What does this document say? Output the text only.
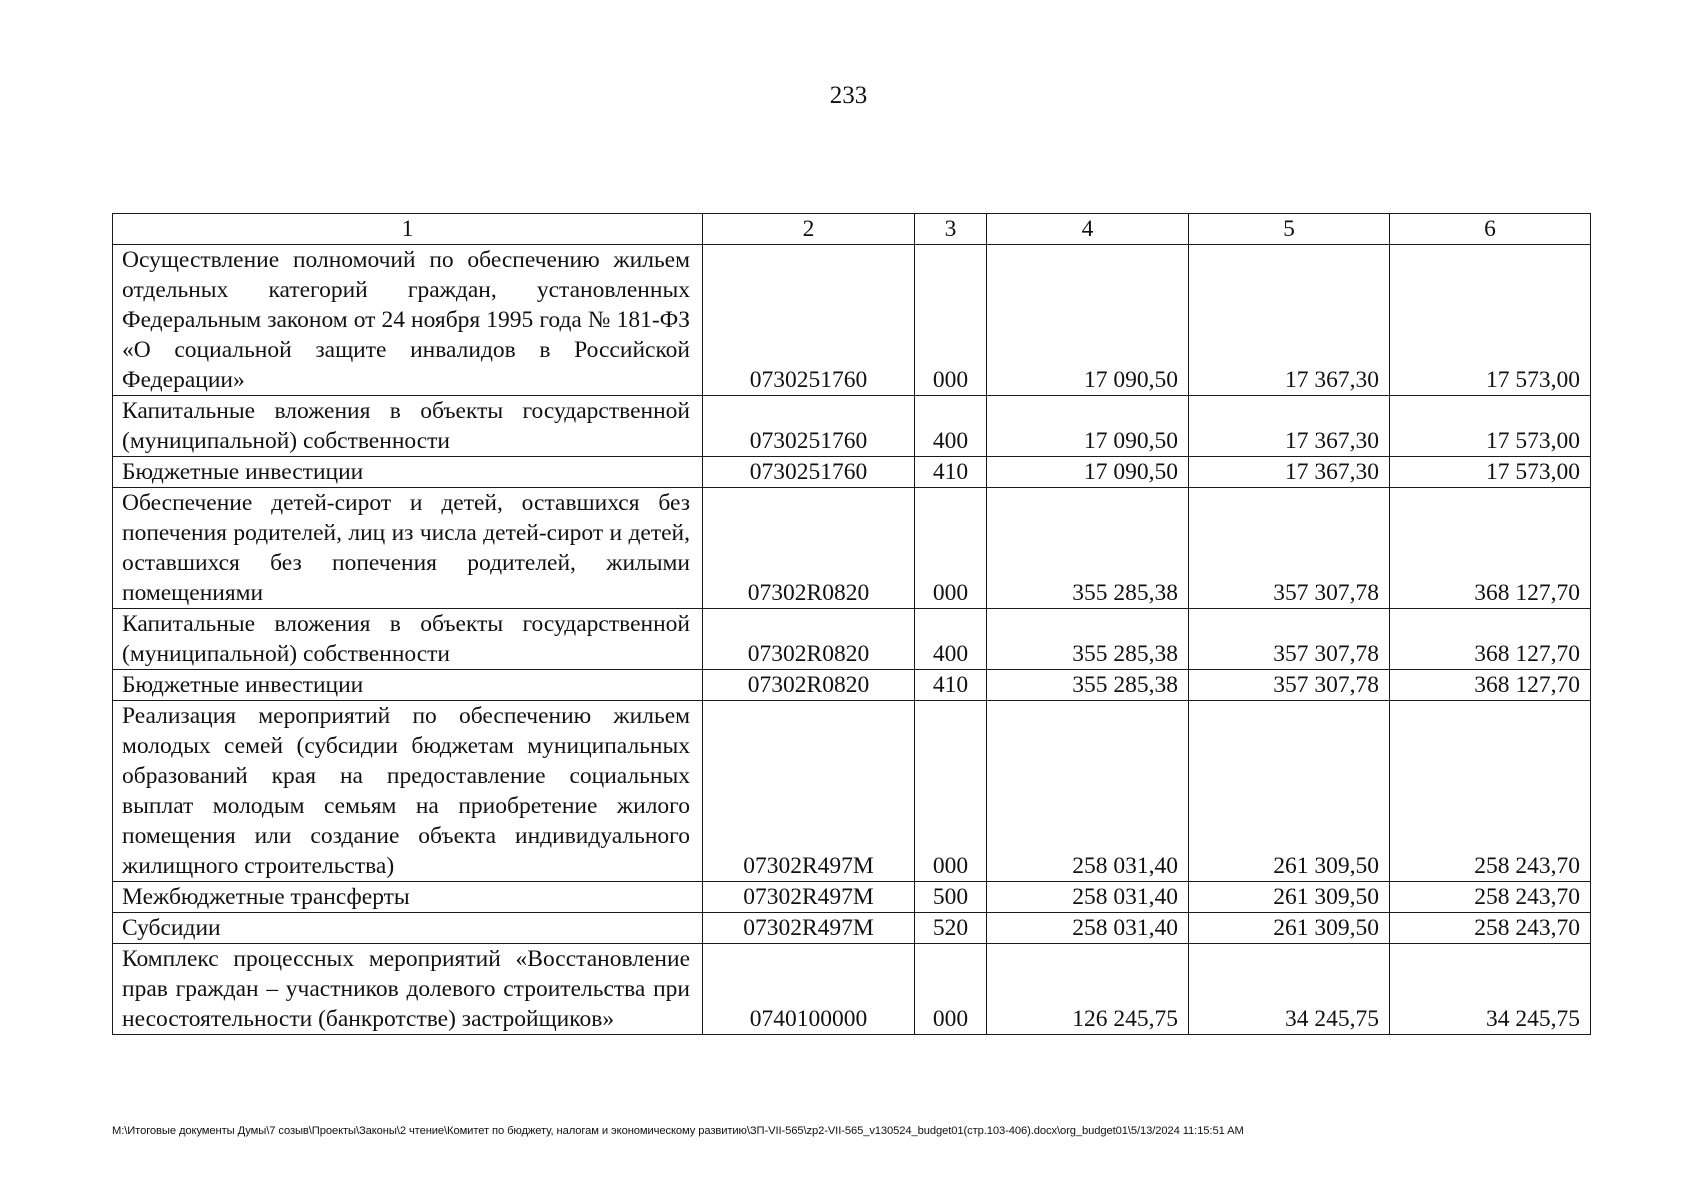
233
1	2	3	4	5	6
Осуществление полномочий по обеспечению жильем отдельных категорий граждан, установленных Федеральным законом от 24 ноября 1995 года № 181-ФЗ «О социальной защите инвалидов в Российской Федерации»	0730251760	000	17 090,50	17 367,30	17 573,00
Капитальные вложения в объекты государственной (муниципальной) собственности	0730251760	400	17 090,50	17 367,30	17 573,00
Бюджетные инвестиции	0730251760	410	17 090,50	17 367,30	17 573,00
Обеспечение детей-сирот и детей, оставшихся без попечения родителей, лиц из числа детей-сирот и детей, оставшихся без попечения родителей, жилыми помещениями	07302R0820	000	355 285,38	357 307,78	368 127,70
Капитальные вложения в объекты государственной (муниципальной) собственности	07302R0820	400	355 285,38	357 307,78	368 127,70
Бюджетные инвестиции	07302R0820	410	355 285,38	357 307,78	368 127,70
Реализация мероприятий по обеспечению жильем молодых семей (субсидии бюджетам муниципальных образований края на предоставление социальных выплат молодым семьям на приобретение жилого помещения или создание объекта индивидуального жилищного строительства)	07302R497M	000	258 031,40	261 309,50	258 243,70
Межбюджетные трансферты	07302R497M	500	258 031,40	261 309,50	258 243,70
Субсидии	07302R497M	520	258 031,40	261 309,50	258 243,70
Комплекс процессных мероприятий «Восстановление прав граждан – участников долевого строительства при несостоятельности (банкротстве) застройщиков»	0740100000	000	126 245,75	34 245,75	34 245,75
M:\Итоговые документы Думы\7 созыв\Проекты\Законы\2 чтение\Комитет по бюджету, налогам и экономическому развитию\ЗП-VII-565\zp2-VII-565_v130524_budget01(стр.103-406).docx\org_budget01\5/13/2024 11:15:51 AM
